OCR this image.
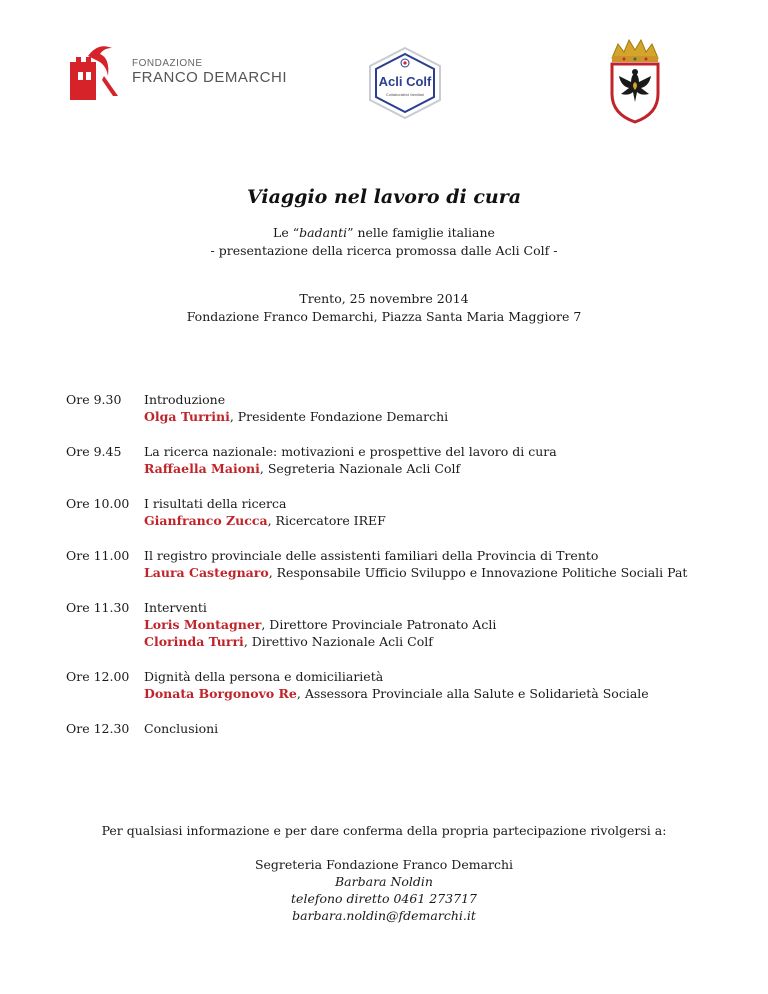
FONDAZIONE
FRANCO DEMARCHI	Acli Colf
Collaboratrici familiari
Viaggio nel lavoro di cura
Le “badanti” nelle famiglie italiane
- presentazione della ricerca promossa dalle Acli Colf -
Trento, 25 novembre 2014
Fondazione Franco Demarchi, Piazza Santa Maria Maggiore 7
Ore 9.30	Introduzione
Olga Turrini, Presidente Fondazione Demarchi
Ore 9.45	La ricerca nazionale: motivazioni e prospettive del lavoro di cura
Raffaella Maioni, Segreteria Nazionale Acli Colf
Ore 10.00	I risultati della ricerca
Gianfranco Zucca, Ricercatore IREF
Ore 11.00	Il registro provinciale delle assistenti familiari della Provincia di Trento
Laura Castegnaro, Responsabile Ufficio Sviluppo e Innovazione Politiche Sociali Pat
Ore 11.30	Interventi
Loris Montagner, Direttore Provinciale Patronato Acli
Clorinda Turri, Direttivo Nazionale Acli Colf
Ore 12.00	Dignità della persona e domiciliarietà
Donata Borgonovo Re, Assessora Provinciale alla Salute e Solidarietà Sociale
Ore 12.30	Conclusioni
Per qualsiasi informazione e per dare conferma della propria partecipazione rivolgersi a:
Segreteria Fondazione Franco Demarchi
Barbara Noldin
telefono diretto 0461 273717
barbara.noldin@fdemarchi.it
